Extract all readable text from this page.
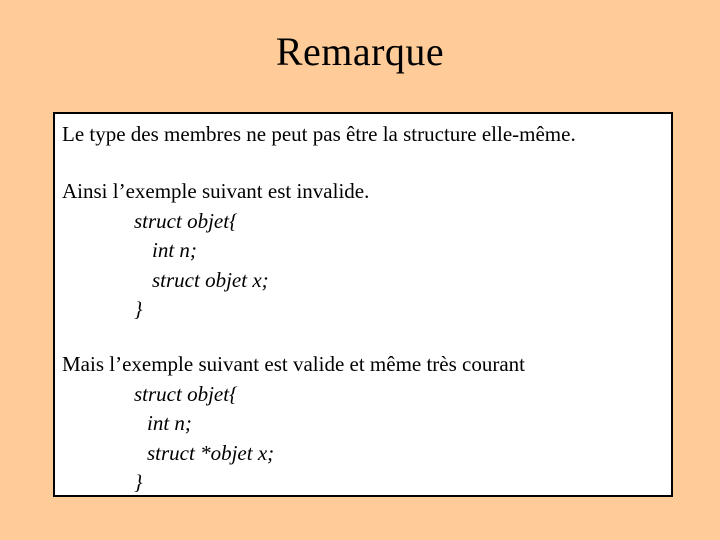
Remarque
Le type des membres ne peut pas être la structure elle-même.
Ainsi l’exemple suivant est invalide.
struct objet{
int n;
struct objet x;
}
Mais l’exemple suivant est valide et même très courant
struct objet{
int n;
struct *objet x;
}
